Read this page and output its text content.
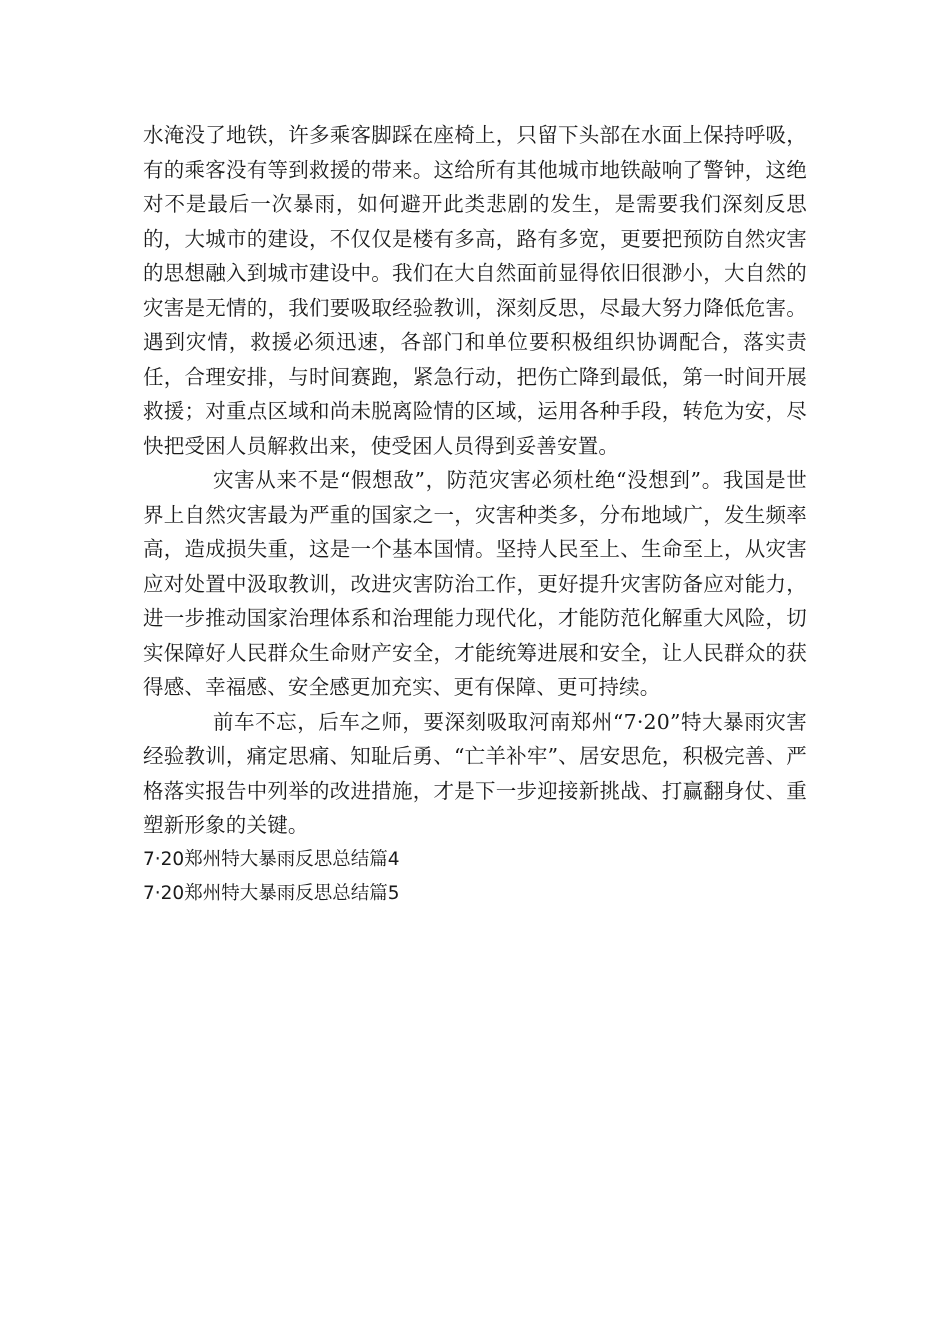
水淹没了地铁，许多乘客脚踩在座椅上，只留下头部在水面上保持呼吸，有的乘客没有等到救援的带来。这给所有其他城市地铁敲响了警钟，这绝对不是最后一次暴雨，如何避开此类悲剧的发生，是需要我们深刻反思的，大城市的建设，不仅仅是楼有多高，路有多宽，更要把预防自然灾害的思想融入到城市建设中。我们在大自然面前显得依旧很渺小，大自然的灾害是无情的，我们要吸取经验教训，深刻反思，尽最大努力降低危害。遇到灾情，救援必须迅速，各部门和单位要积极组织协调配合，落实责任，合理安排，与时间赛跑，紧急行动，把伤亡降到最低，第一时间开展救援；对重点区域和尚未脱离险情的区域，运用各种手段，转危为安，尽快把受困人员解救出来，使受困人员得到妥善安置。

灾害从来不是“假想敌”，防范灾害必须杜绝“没想到”。我国是世界上自然灾害最为严重的国家之一，灾害种类多，分布地域广，发生频率高，造成损失重，这是一个基本国情。坚持人民至上、生命至上，从灾害应对处置中汲取教训，改进灾害防治工作，更好提升灾害防备应对能力，进一步推动国家治理体系和治理能力现代化，才能防范化解重大风险，切实保障好人民群众生命财产安全，才能统筹进展和安全，让人民群众的获得感、幸福感、安全感更加充实、更有保障、更可持续。

前车不忘，后车之师，要深刻吸取河南郑州“7·20”特大暴雨灾害经验教训，痛定思痛、知耻后勇、“亡羊补牢”、居安思危，积极完善、严格落实报告中列举的改进措施，才是下一步迎接新挑战、打赢翻身仗、重塑新形象的关键。

7·20郑州特大暴雨反思总结篇4

7·20郑州特大暴雨反思总结篇5
